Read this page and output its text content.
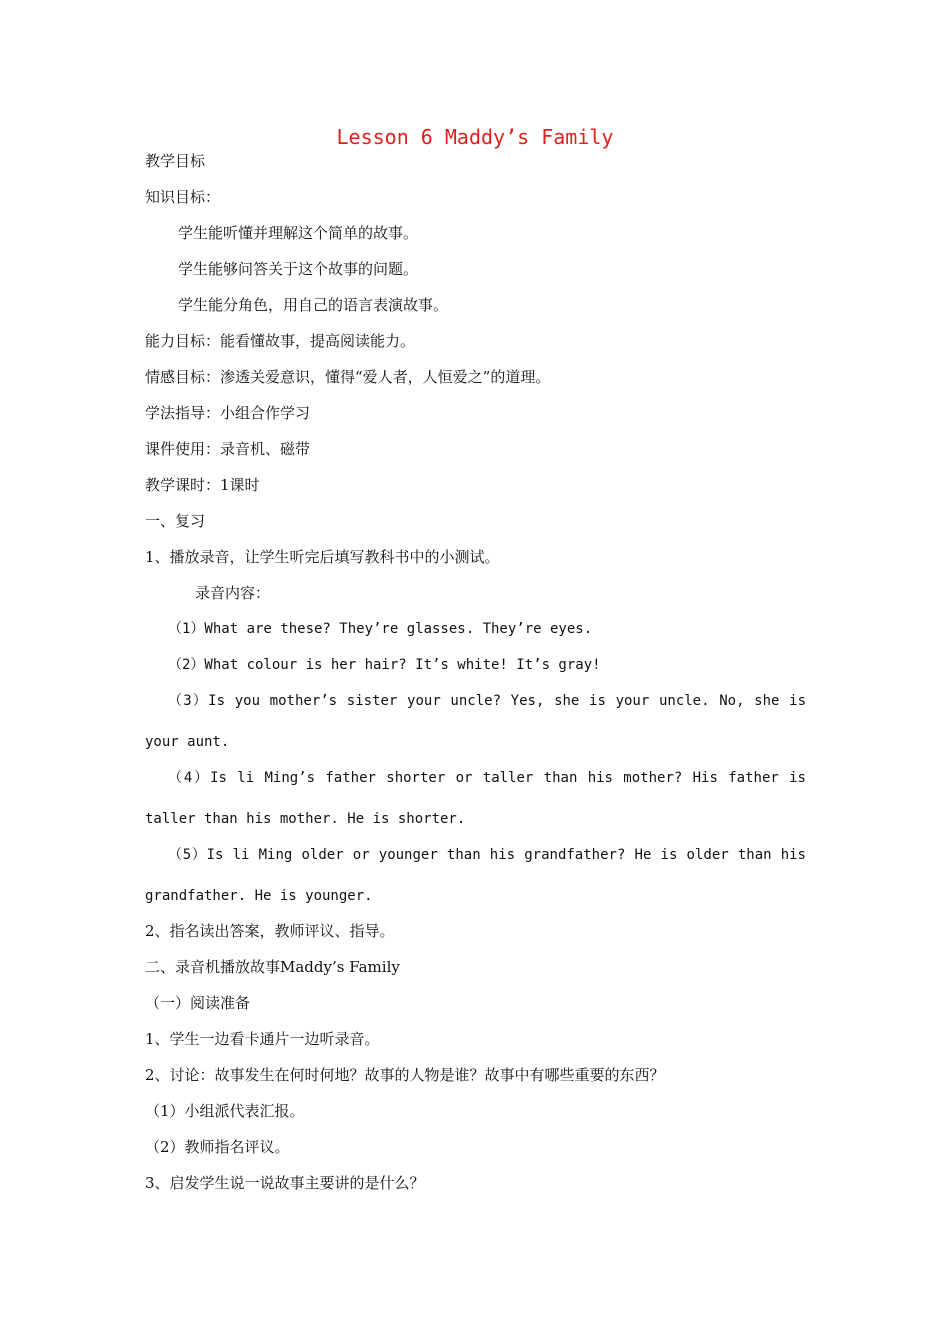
Lesson 6 Maddy’s Family
教学目标
知识目标：
学生能听懂并理解这个简单的故事。
学生能够问答关于这个故事的问题。
学生能分角色，用自己的语言表演故事。
能力目标：能看懂故事，提高阅读能力。
情感目标：渗透关爱意识，懂得“爱人者，人恒爱之”的道理。
学法指导：小组合作学习
课件使用：录音机、磁带
教学课时：1课时
一、复习
1、播放录音，让学生听完后填写教科书中的小测试。
录音内容：
（1）What are these? They’re glasses. They’re eyes.
（2）What colour is her hair? It’s white! It’s gray!
（3）Is you mother’s sister your uncle? Yes, she is your uncle. No, she is
your aunt.
（4）Is li Ming’s father shorter or taller than his mother? His father is
taller than his mother. He is shorter.
（5）Is li Ming older or younger than his grandfather? He is older than his
grandfather. He is younger.
2、指名读出答案，教师评议、指导。
二、录音机播放故事Maddy’s Family
（一）阅读准备
1、学生一边看卡通片一边听录音。
2、讨论：故事发生在何时何地？故事的人物是谁？故事中有哪些重要的东西？
（1）小组派代表汇报。
（2）教师指名评议。
3、启发学生说一说故事主要讲的是什么？
